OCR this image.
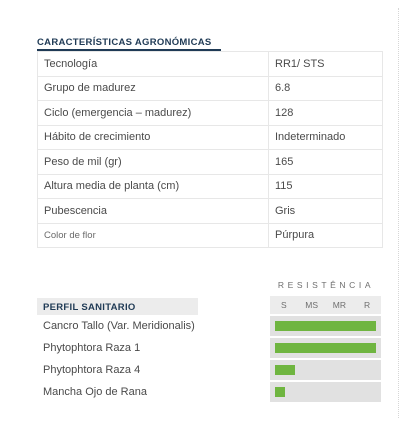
CARACTERÍSTICAS AGRONÓMICAS
Tecnología	RR1/ STS
Grupo de madurez	6.8
Ciclo (emergencia – madurez)	128
Hábito de crecimiento	Indeterminado
Peso de mil (gr)	165
Altura media de planta (cm)	115
Pubescencia	Gris
Color de flor	Púrpura
RESISTÊNCIA
PERFIL SANITARIO	S	MS	MR	R
Cancro Tallo (Var. Meridionalis)
Phytophtora Raza 1
Phytophtora Raza 4
Mancha Ojo de Rana
